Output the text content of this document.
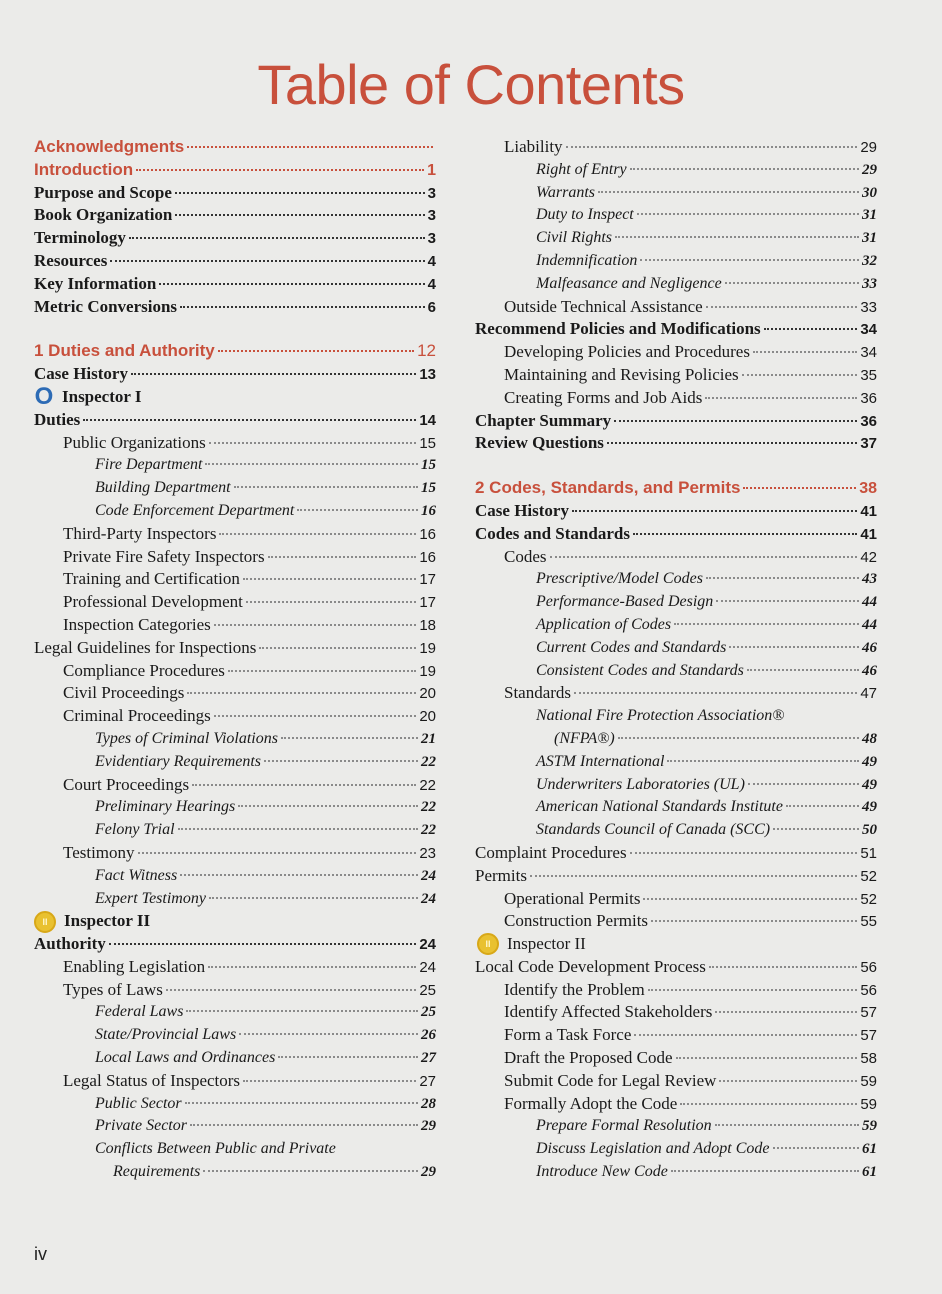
Table of Contents
Acknowledgments
Introduction	1
Purpose and Scope	3
Book Organization	3
Terminology	3
Resources	4
Key Information	4
Metric Conversions	6
1 Duties and Authority	12
Case History	13
O Inspector I
Duties	14
Public Organizations	15
Fire Department	15
Building Department	15
Code Enforcement Department	16
Third-Party Inspectors	16
Private Fire Safety Inspectors	16
Training and Certification	17
Professional Development	17
Inspection Categories	18
Legal Guidelines for Inspections	19
Compliance Procedures	19
Civil Proceedings	20
Criminal Proceedings	20
Types of Criminal Violations	21
Evidentiary Requirements	22
Court Proceedings	22
Preliminary Hearings	22
Felony Trial	22
Testimony	23
Fact Witness	24
Expert Testimony	24
II Inspector II
Authority	24
Enabling Legislation	24
Types of Laws	25
Federal Laws	25
State/Provincial Laws	26
Local Laws and Ordinances	27
Legal Status of Inspectors	27
Public Sector	28
Private Sector	29
Conflicts Between Public and Private
Requirements	29
Liability	29
Right of Entry	29
Warrants	30
Duty to Inspect	31
Civil Rights	31
Indemnification	32
Malfeasance and Negligence	33
Outside Technical Assistance	33
Recommend Policies and Modifications	34
Developing Policies and Procedures	34
Maintaining and Revising Policies	35
Creating Forms and Job Aids	36
Chapter Summary	36
Review Questions	37
2 Codes, Standards, and Permits	38
Case History	41
Codes and Standards	41
Codes	42
Prescriptive/Model Codes	43
Performance-Based Design	44
Application of Codes	44
Current Codes and Standards	46
Consistent Codes and Standards	46
Standards	47
National Fire Protection Association®
(NFPA®)	48
ASTM International	49
Underwriters Laboratories (UL)	49
American National Standards Institute	49
Standards Council of Canada (SCC)	50
Complaint Procedures	51
Permits	52
Operational Permits	52
Construction Permits	55
II Inspector II
Local Code Development Process	56
Identify the Problem	56
Identify Affected Stakeholders	57
Form a Task Force	57
Draft the Proposed Code	58
Submit Code for Legal Review	59
Formally Adopt the Code	59
Prepare Formal Resolution	59
Discuss Legislation and Adopt Code	61
Introduce New Code	61
iv
